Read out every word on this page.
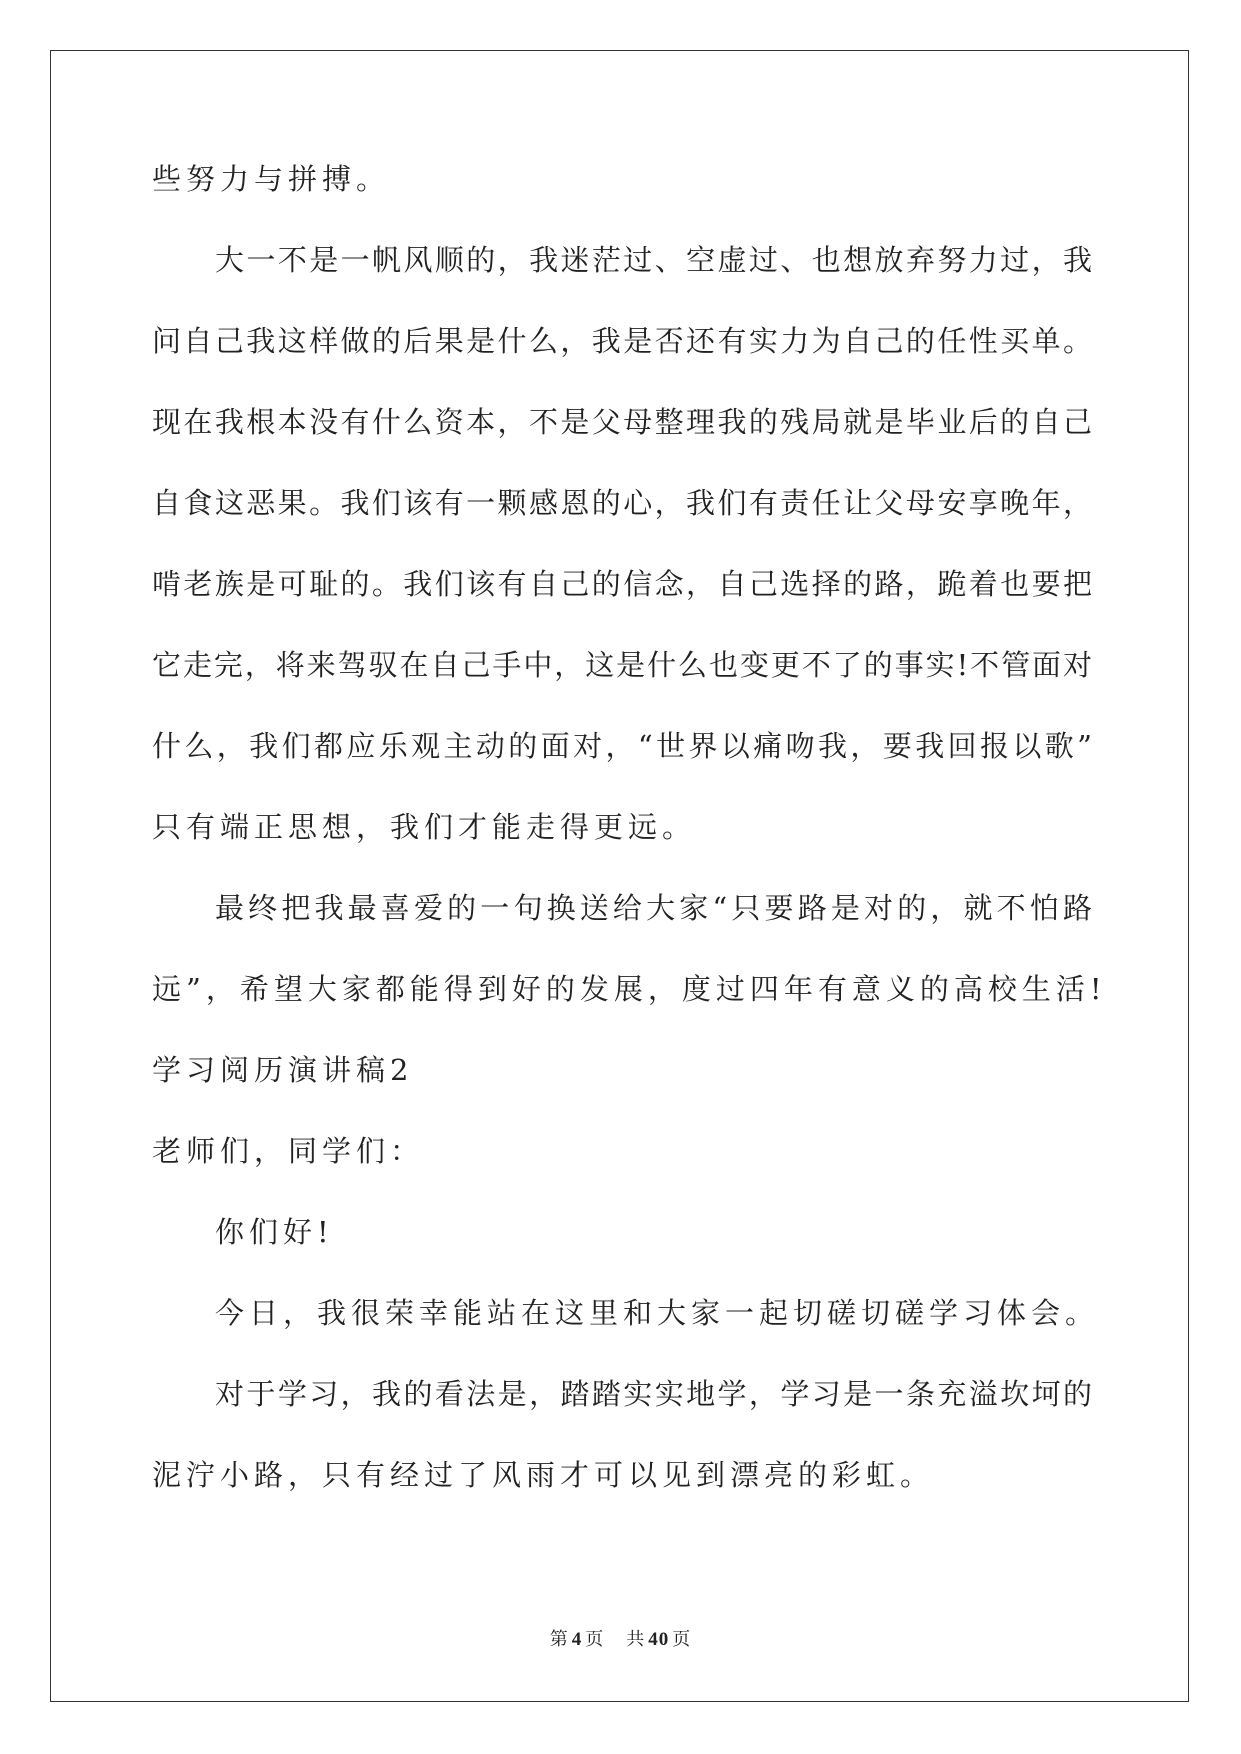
些努力与拼搏。
大一不是一帆风顺的，我迷茫过、空虚过、也想放弃努力过，我
问自己我这样做的后果是什么，我是否还有实力为自己的任性买单。
现在我根本没有什么资本，不是父母整理我的残局就是毕业后的自己
自食这恶果。我们该有一颗感恩的心，我们有责任让父母安享晚年，
啃老族是可耻的。我们该有自己的信念，自己选择的路，跪着也要把
它走完，将来驾驭在自己手中，这是什么也变更不了的事实!不管面对
什么，我们都应乐观主动的面对，“世界以痛吻我，要我回报以歌”
只有端正思想，我们才能走得更远。
最终把我最喜爱的一句换送给大家“只要路是对的，就不怕路
远”，希望大家都能得到好的发展，度过四年有意义的高校生活!
学习阅历演讲稿2
老师们，同学们：
你们好!
今日，我很荣幸能站在这里和大家一起切磋切磋学习体会。
对于学习，我的看法是，踏踏实实地学，学习是一条充溢坎坷的
泥泞小路，只有经过了风雨才可以见到漂亮的彩虹。
第 4 页 共 40 页
